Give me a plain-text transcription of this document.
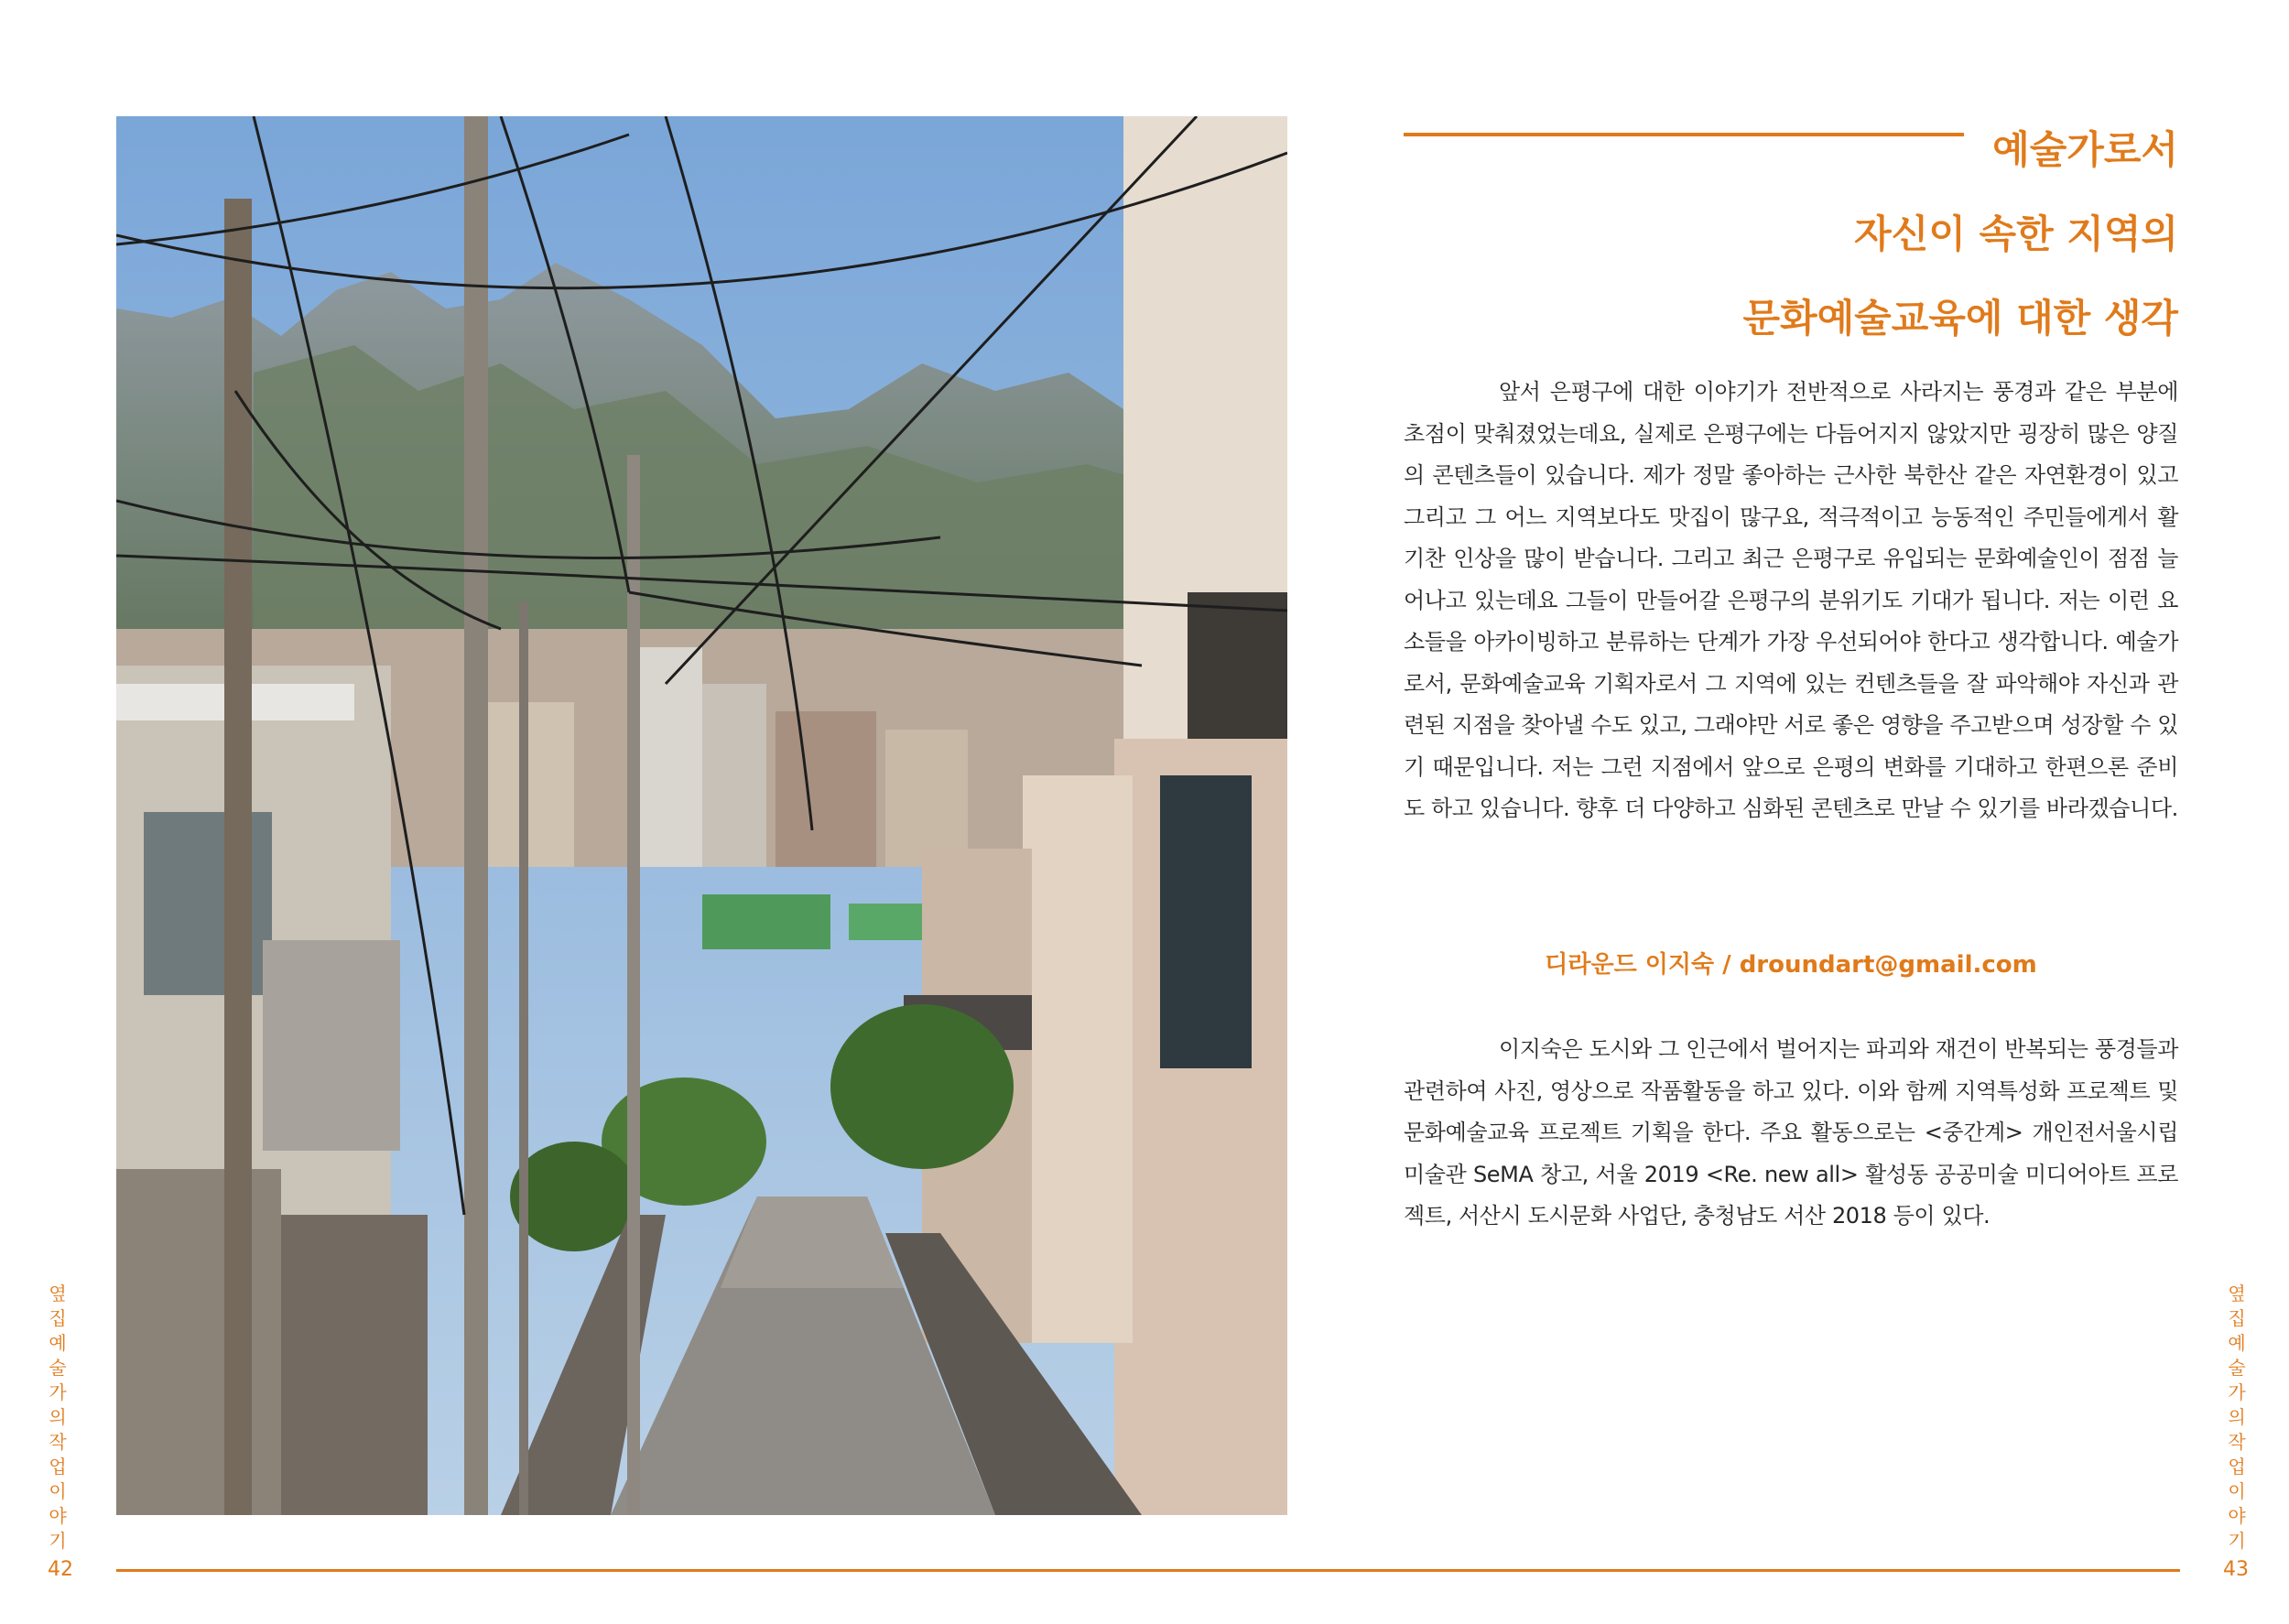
예술가로서
자신이 속한 지역의
문화예술교육에 대한 생각
앞서 은평구에 대한 이야기가 전반적으로 사라지는 풍경과 같은 부분에 초점이 맞춰졌었는데요, 실제로 은평구에는 다듬어지지 않았지만 굉장히 많은 양질의 콘텐츠들이 있습니다. 제가 정말 좋아하는 근사한 북한산 같은 자연환경이 있고 그리고 그 어느 지역보다도 맛집이 많구요, 적극적이고 능동적인 주민들에게서 활기찬 인상을 많이 받습니다. 그리고 최근 은평구로 유입되는 문화예술인이 점점 늘어나고 있는데요 그들이 만들어갈 은평구의 분위기도 기대가 됩니다. 저는 이런 요소들을 아카이빙하고 분류하는 단계가 가장 우선되어야 한다고 생각합니다. 예술가로서, 문화예술교육 기획자로서 그 지역에 있는 컨텐츠들을 잘 파악해야 자신과 관련된 지점을 찾아낼 수도 있고, 그래야만 서로 좋은 영향을 주고받으며 성장할 수 있기 때문입니다. 저는 그런 지점에서 앞으로 은평의 변화를 기대하고 한편으론 준비도 하고 있습니다. 향후 더 다양하고 심화된 콘텐츠로 만날 수 있기를 바라겠습니다.
디라운드 이지숙 / droundart@gmail.com
이지숙은 도시와 그 인근에서 벌어지는 파괴와 재건이 반복되는 풍경들과 관련하여 사진, 영상으로 작품활동을 하고 있다. 이와 함께 지역특성화 프로젝트 및 문화예술교육 프로젝트 기획을 한다. 주요 활동으로는 <중간계> 개인전서울시립미술관 SeMA 창고, 서울 2019 <Re. new all> 활성동 공공미술 미디어아트 프로젝트, 서산시 도시문화 사업단, 충청남도 서산 2018 등이 있다.
옆
집
예
술
가
의
작
업
이
야
기
옆
집
예
술
가
의
작
업
이
야
기
42	43
